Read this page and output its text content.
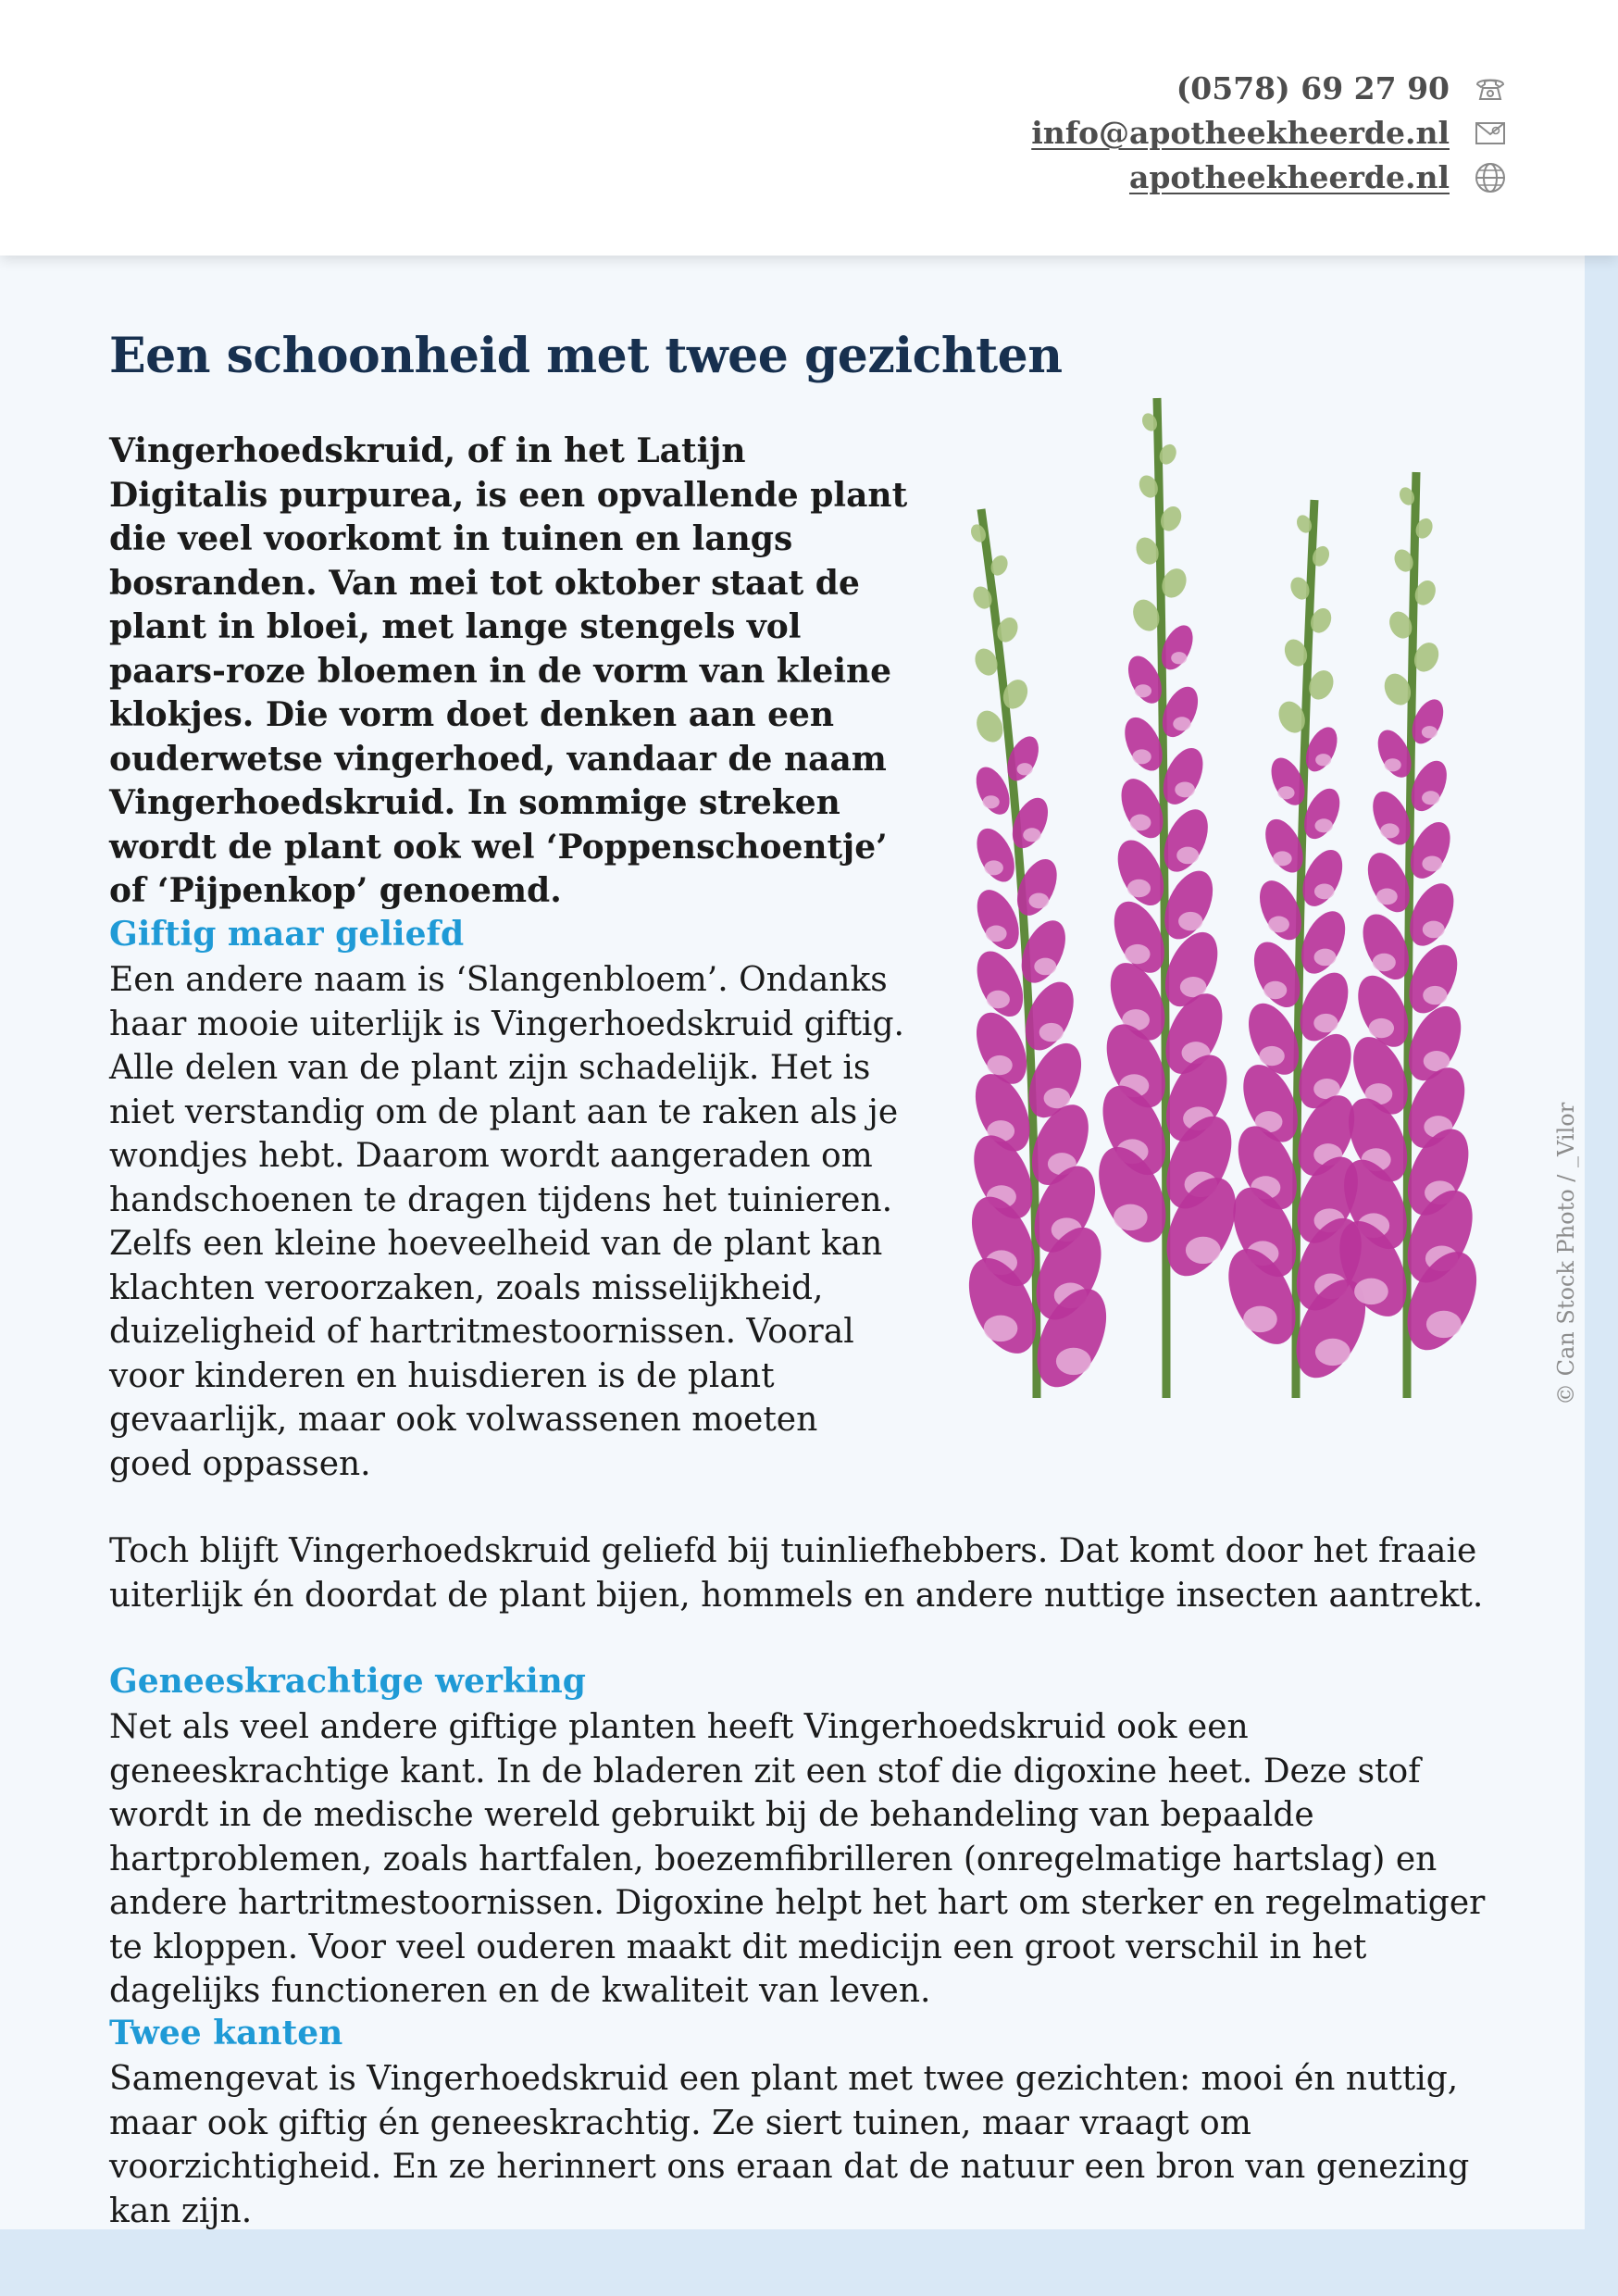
(0578) 69 27 90
info@apotheekheerde.nl
apotheekheerde.nl
Een schoonheid met twee gezichten

Vingerhoedskruid, of in het Latijn Digitalis purpurea, is een opvallende plant die veel voorkomt in tuinen en langs bosranden. Van mei tot oktober staat de plant in bloei, met lange stengels vol paars-roze bloemen in de vorm van kleine klokjes. Die vorm doet denken aan een ouderwetse vingerhoed, vandaar de naam Vingerhoedskruid. In sommige streken wordt de plant ook wel ‘Poppenschoentje’ of ‘Pijpenkop’ genoemd.

© Can Stock Photo / _Vilor
Giftig maar geliefd

Een andere naam is ‘Slangenbloem’. Ondanks haar mooie uiterlijk is Vingerhoedskruid giftig. Alle delen van de plant zijn schadelijk. Het is niet verstandig om de plant aan te raken als je wondjes hebt. Daarom wordt aangeraden om handschoenen te dragen tijdens het tuinieren. Zelfs een kleine hoeveelheid van de plant kan klachten veroorzaken, zoals misselijkheid, duizeligheid of hartritmestoornissen. Vooral voor kinderen en huisdieren is de plant gevaarlijk, maar ook volwassenen moeten goed oppassen.

Toch blijft Vingerhoedskruid geliefd bij tuinliefhebbers. Dat komt door het fraaie uiterlijk én doordat de plant bijen, hommels en andere nuttige insecten aantrekt.

Geneeskrachtige werking

Net als veel andere giftige planten heeft Vingerhoedskruid ook een geneeskrachtige kant. In de bladeren zit een stof die digoxine heet. Deze stof wordt in de medische wereld gebruikt bij de behandeling van bepaalde hartproblemen, zoals hartfalen, boezemfibrilleren (onregelmatige hartslag) en andere hartritmestoornissen. Digoxine helpt het hart om sterker en regelmatiger te kloppen. Voor veel ouderen maakt dit medicijn een groot verschil in het dagelijks functioneren en de kwaliteit van leven.

Twee kanten

Samengevat is Vingerhoedskruid een plant met twee gezichten: mooi én nuttig, maar ook giftig én geneeskrachtig. Ze siert tuinen, maar vraagt om voorzichtigheid. En ze herinnert ons eraan dat de natuur een bron van genezing kan zijn.
